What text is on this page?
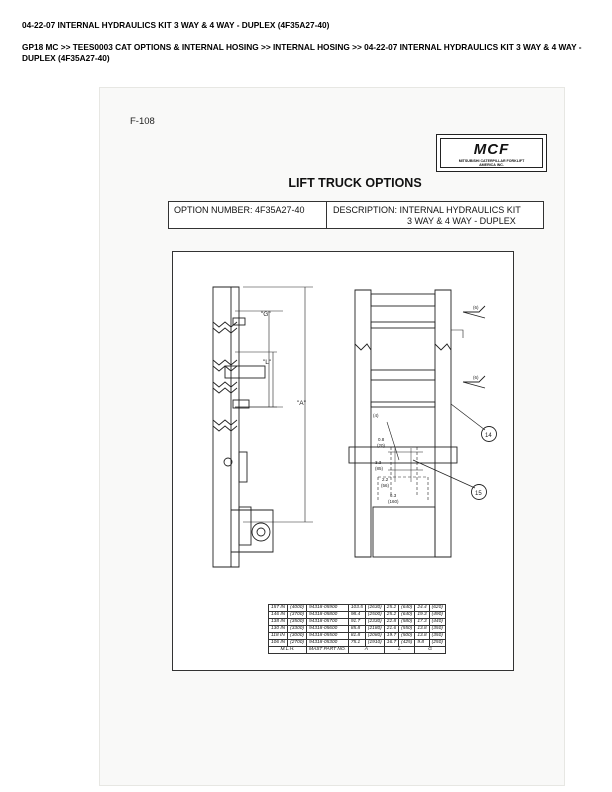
04-22-07 INTERNAL HYDRAULICS KIT 3 WAY & 4 WAY - DUPLEX (4F35A27-40)
GP18 MC >> TEES0003 CAT OPTIONS & INTERNAL HOSING >> INTERNAL HOSING >> 04-22-07 INTERNAL HYDRAULICS KIT 3 WAY & 4 WAY - DUPLEX (4F35A27-40)
F-108
MCF
MITSUBISHI CATERPILLAR FORKLIFT
AMERICA INC.
LIFT TRUCK OPTIONS
OPTION NUMBER: 4F35A27-40	DESCRIPTION: INTERNAL HYDRAULICS KIT
3 WAY & 4 WAY - DUPLEX
"G"
"L"
"A"
(6)
(6)
(4)
0.8
(20)
3.3
(85)
2.2
(56)
6.3
(160)
14
15
157 IN	(4000)	94318-05900	103.5	(2630)	25.2	(640)	24.4	(620)
146 IN	(3700)	94318-05800	98.4	(2500)	25.2	(640)	19.3	(490)
138 IN	(3500)	94318-05700	91.7	(2330)	22.8	(580)	17.3	(440)
130 IN	(3300)	94318-05600	85.8	(2180)	21.6	(550)	13.8	(350)
118 IN	(3000)	94318-05500	81.8	(2080)	19.7	(500)	13.8	(350)
106 IN	(2700)	94318-05300	75.1	(1910)	16.7	(425)	9.8	(250)
M.L.H.		MAST PART NO.	A		L		G	
